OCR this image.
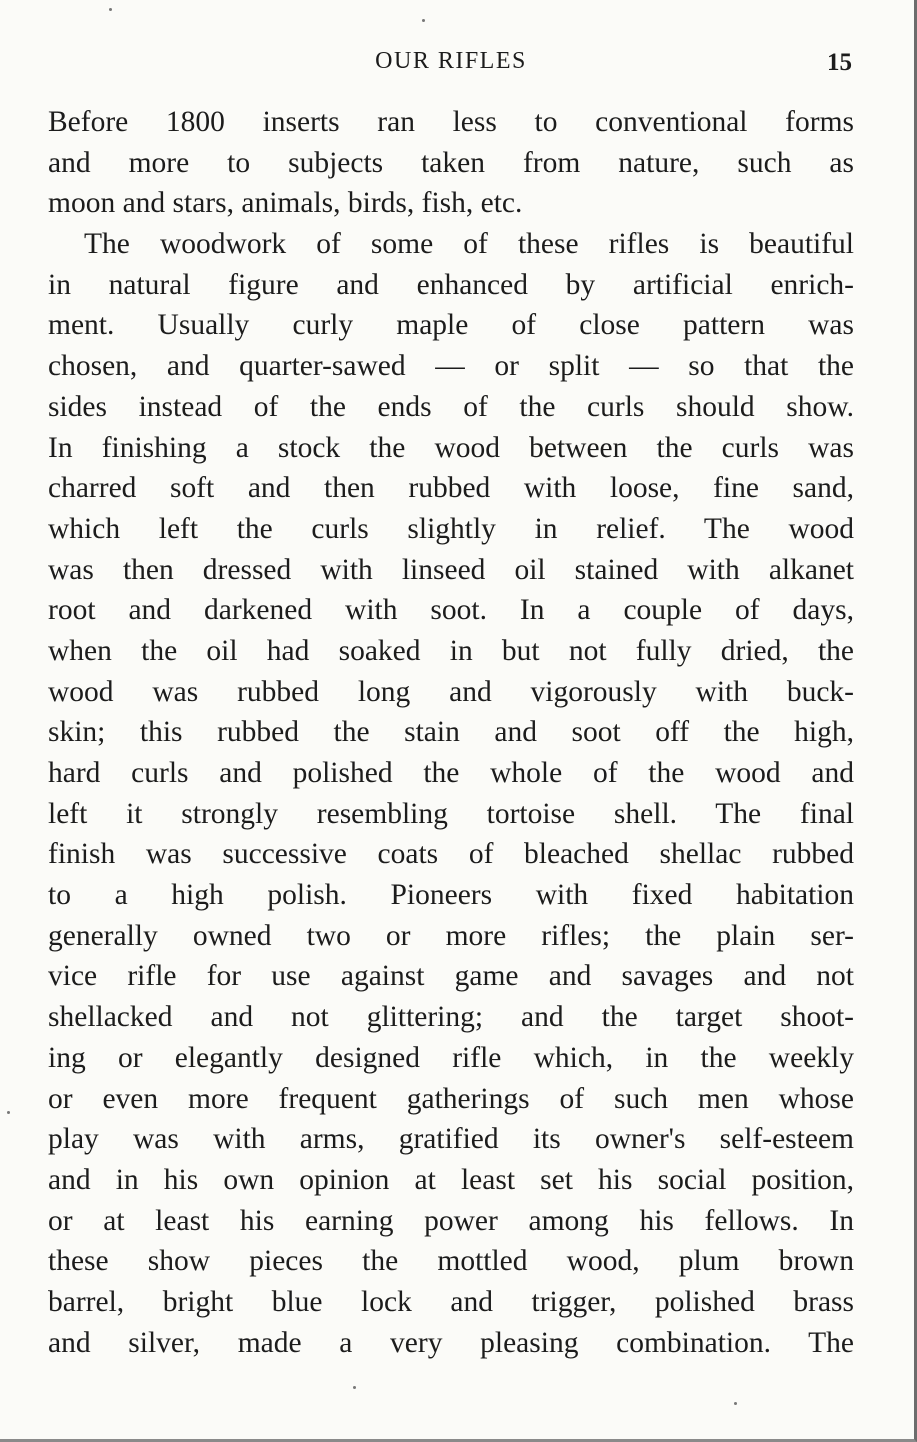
OUR RIFLES	15
Before 1800 inserts ran less to conventional forms
and more to subjects taken from nature, such as
moon and stars, animals, birds, fish, etc.
The woodwork of some of these rifles is beautiful
in natural figure and enhanced by artificial enrich-
ment. Usually curly maple of close pattern was
chosen, and quarter-sawed — or split — so that the
sides instead of the ends of the curls should show.
In finishing a stock the wood between the curls was
charred soft and then rubbed with loose, fine sand,
which left the curls slightly in relief. The wood
was then dressed with linseed oil stained with alkanet
root and darkened with soot. In a couple of days,
when the oil had soaked in but not fully dried, the
wood was rubbed long and vigorously with buck-
skin; this rubbed the stain and soot off the high,
hard curls and polished the whole of the wood and
left it strongly resembling tortoise shell. The final
finish was successive coats of bleached shellac rubbed
to a high polish. Pioneers with fixed habitation
generally owned two or more rifles; the plain ser-
vice rifle for use against game and savages and not
shellacked and not glittering; and the target shoot-
ing or elegantly designed rifle which, in the weekly
or even more frequent gatherings of such men whose
play was with arms, gratified its owner's self-esteem
and in his own opinion at least set his social position,
or at least his earning power among his fellows. In
these show pieces the mottled wood, plum brown
barrel, bright blue lock and trigger, polished brass
and silver, made a very pleasing combination. The
